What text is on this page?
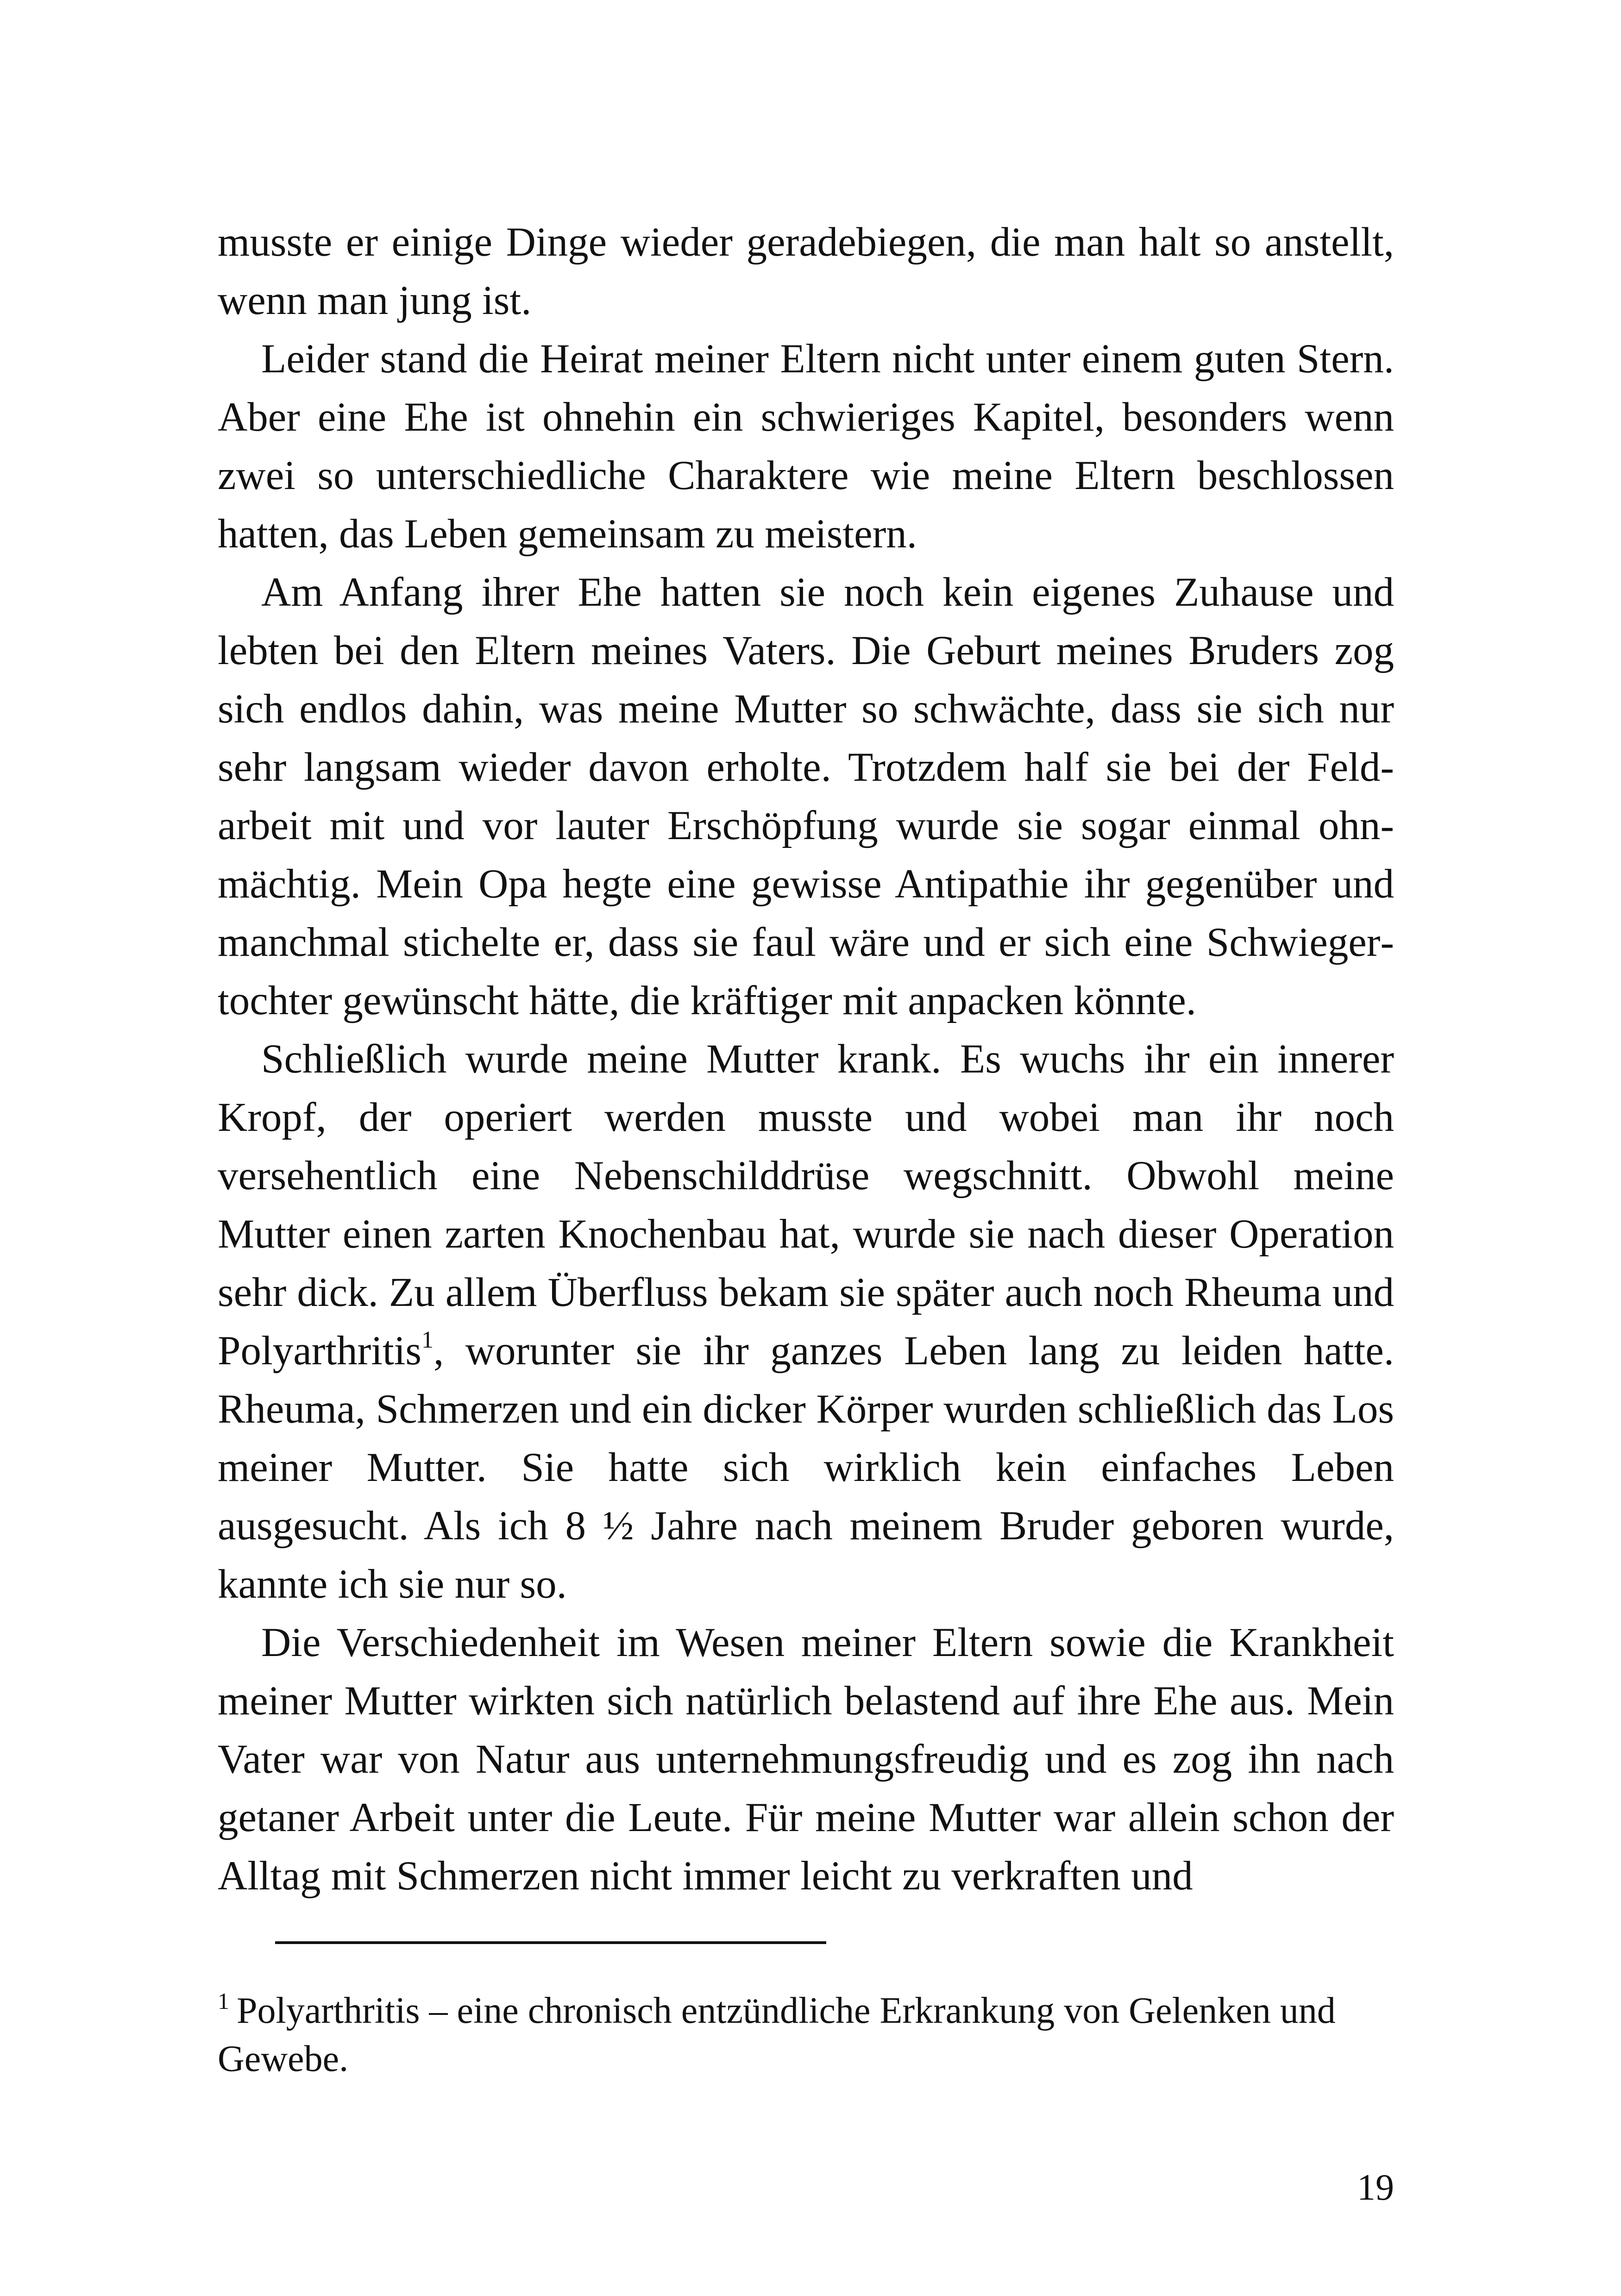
musste er einige Dinge wieder geradebiegen, die man halt so anstellt, wenn man jung ist.

Leider stand die Heirat meiner Eltern nicht unter einem guten Stern. Aber eine Ehe ist ohnehin ein schwieriges Kapitel, besonders wenn zwei so unterschiedliche Charaktere wie meine Eltern beschlossen hatten, das Leben gemeinsam zu meistern.

Am Anfang ihrer Ehe hatten sie noch kein eigenes Zuhause und lebten bei den Eltern meines Vaters. Die Geburt meines Bruders zog sich endlos dahin, was meine Mutter so schwächte, dass sie sich nur sehr langsam wieder davon erholte. Trotzdem half sie bei der Feldarbeit mit und vor lauter Erschöpfung wurde sie sogar einmal ohnmächtig. Mein Opa hegte eine gewisse Antipathie ihr gegenüber und manchmal stichelte er, dass sie faul wäre und er sich eine Schwiegertochter gewünscht hätte, die kräftiger mit anpacken könnte.

Schließlich wurde meine Mutter krank. Es wuchs ihr ein innerer Kropf, der operiert werden musste und wobei man ihr noch versehentlich eine Nebenschilddrüse wegschnitt. Obwohl meine Mutter einen zarten Knochenbau hat, wurde sie nach dieser Operation sehr dick. Zu allem Überfluss bekam sie später auch noch Rheuma und Polyarthritis$^1$, worunter sie ihr ganzes Leben lang zu leiden hatte. Rheuma, Schmerzen und ein dicker Körper wurden schließlich das Los meiner Mutter. Sie hatte sich wirklich kein einfaches Leben ausgesucht. Als ich 8 ½ Jahre nach meinem Bruder geboren wurde, kannte ich sie nur so.

Die Verschiedenheit im Wesen meiner Eltern sowie die Krankheit meiner Mutter wirkten sich natürlich belastend auf ihre Ehe aus. Mein Vater war von Natur aus unternehmungsfreudig und es zog ihn nach getaner Arbeit unter die Leute. Für meine Mutter war allein schon der Alltag mit Schmerzen nicht immer leicht zu verkraften und

$^1$ Polyarthritis – eine chronisch entzündliche Erkrankung von Gelenken und Gewebe.
19
